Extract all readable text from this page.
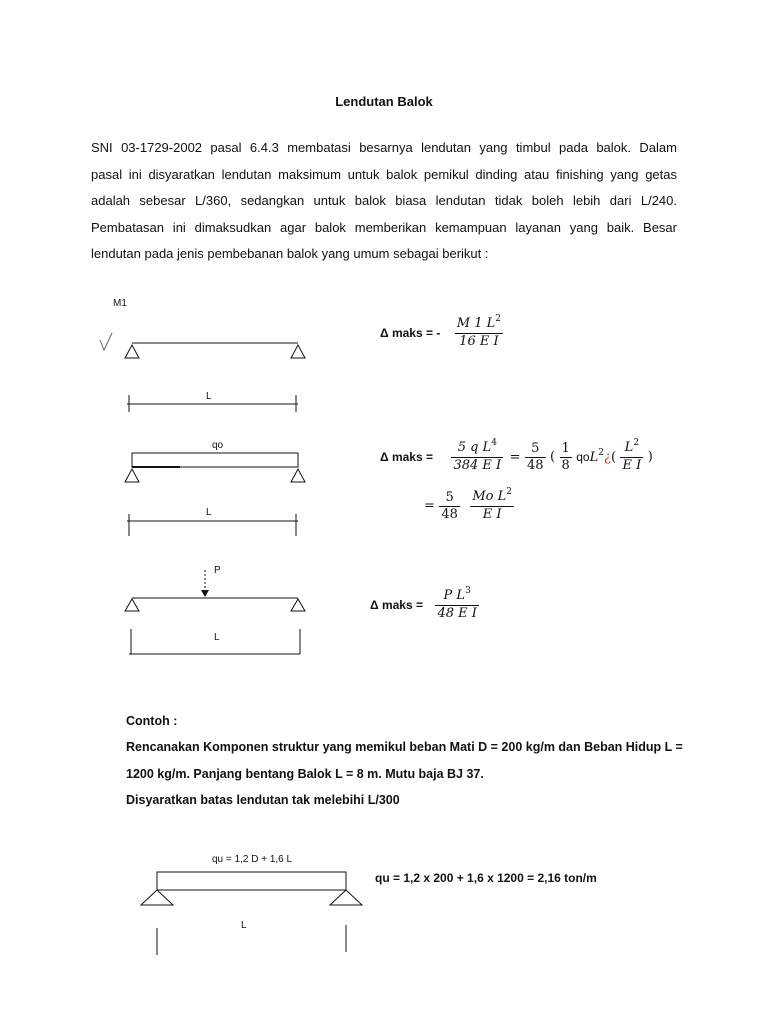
Lendutan Balok
SNI 03-1729-2002 pasal 6.4.3 membatasi besarnya lendutan yang timbul pada balok. Dalam
pasal ini disyaratkan lendutan maksimum untuk balok pemikul dinding atau finishing yang getas
adalah sebesar L/360, sedangkan untuk balok biasa lendutan tidak boleh lebih dari L/240.
Pembatasan ini dimaksudkan agar balok memberikan kemampuan layanan yang baik. Besar
lendutan pada jenis pembebanan balok yang umum sebagai berikut :
M1
L
Δ maks = - $\frac{M 1 L^2}{\text{16 E I}}$
qo
L
Δ maks = $\frac{5 q L^4}{\text{384 E I}} = \frac{5}{48}$ ( $\frac{1}{8}$ qoL$^2$¿( $\frac{L^2}{\text{E I}}$ )
= $\frac{5}{48}$
$\frac{Mo L^2}{\text{E I}}$
P
L
Δ maks = $\frac{P L^3}{\text{48 E I}}$
Contoh :
Rencanakan Komponen struktur yang memikul beban Mati D = 200 kg/m dan Beban Hidup L =
1200 kg/m. Panjang bentang Balok L = 8 m. Mutu baja BJ 37.
Disyaratkan batas lendutan tak melebihi L/300
qu = 1,2 D + 1,6 L
L
qu = 1,2 x 200 + 1,6 x 1200 = 2,16 ton/m
